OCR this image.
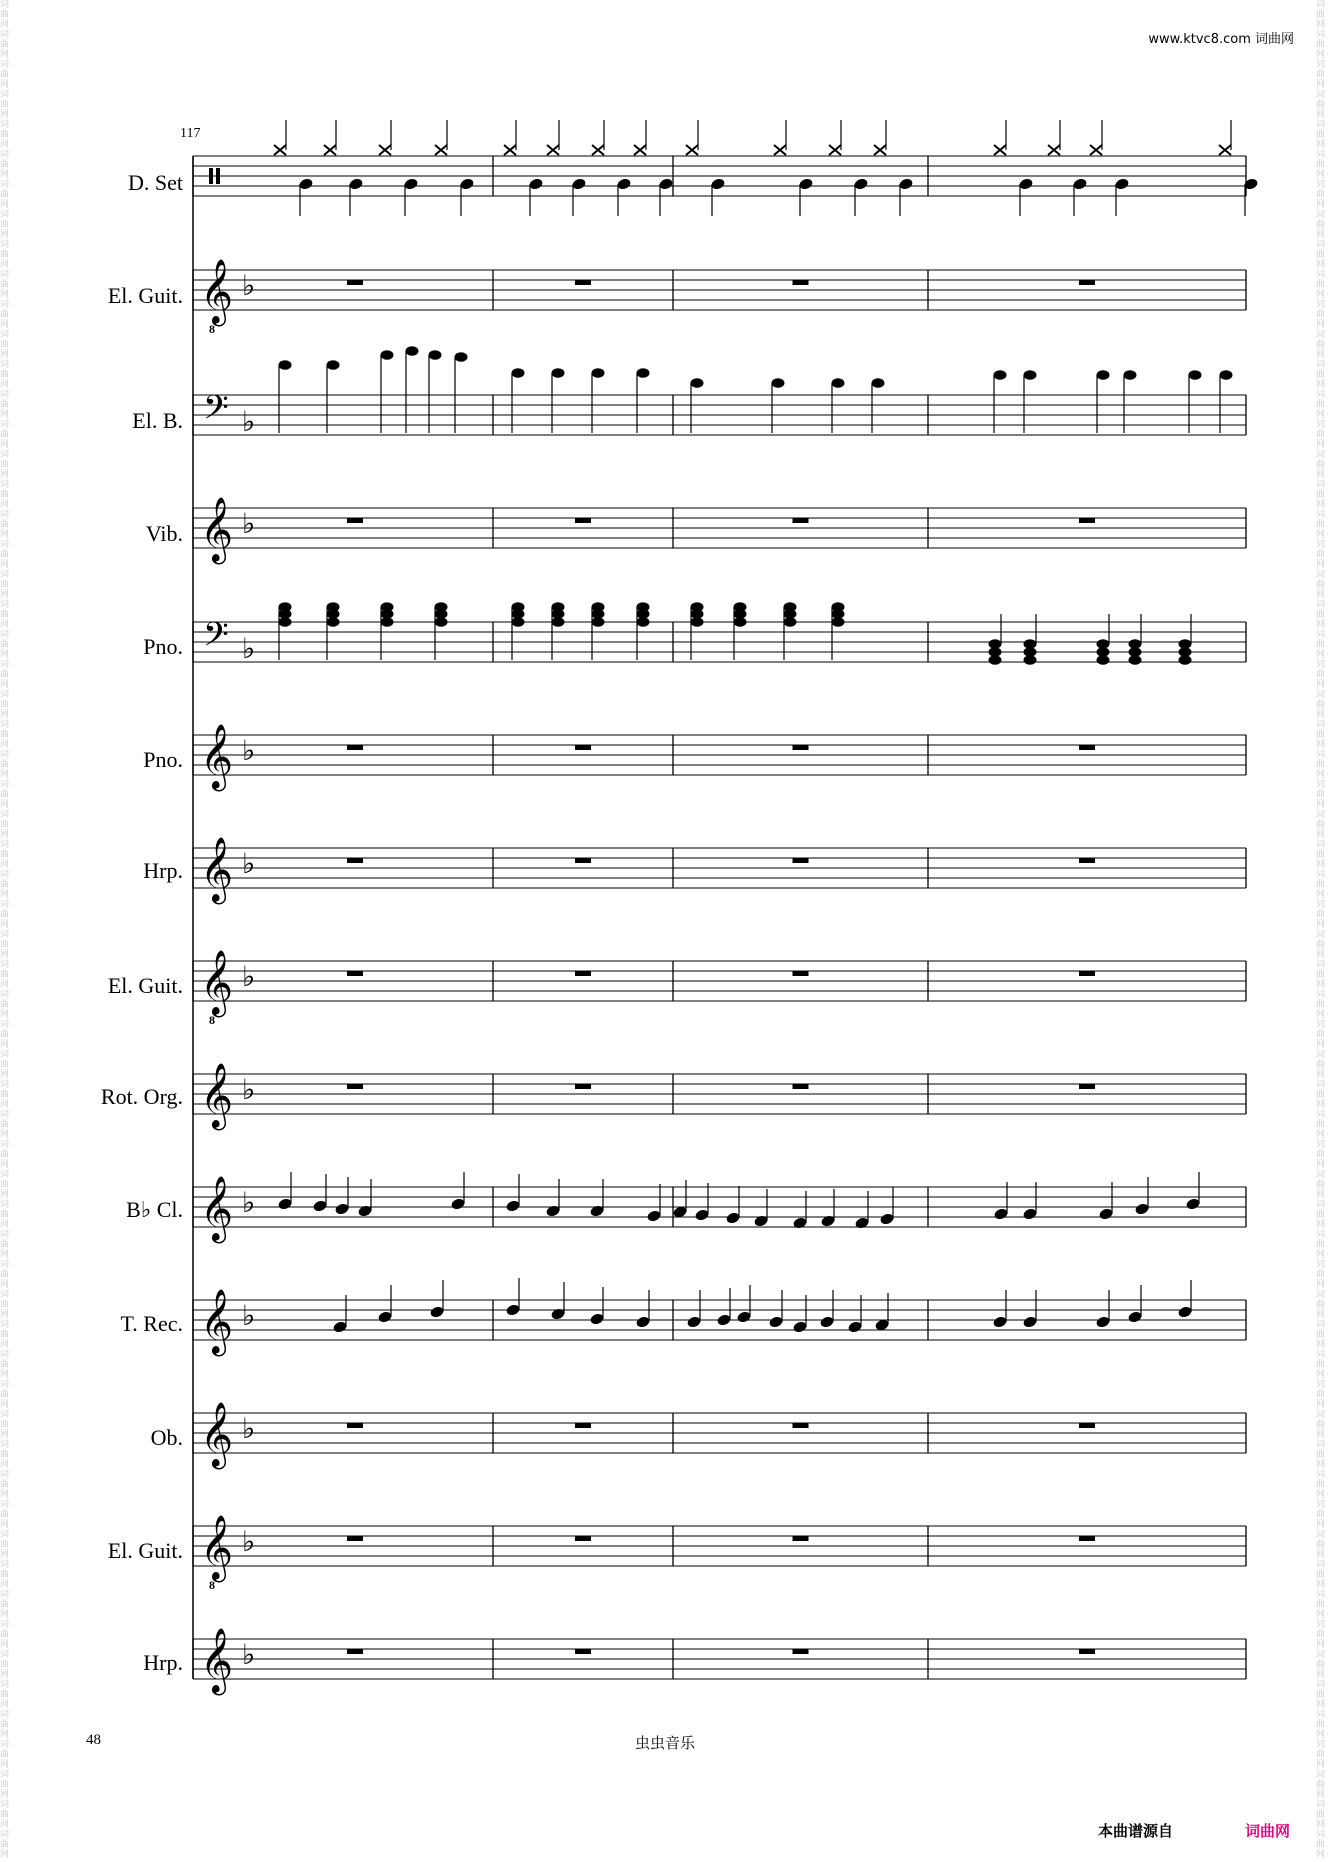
词曲网词曲网词曲网词曲网词曲网词曲网词曲网词曲网词曲网词曲网词曲网词曲网词曲网词曲网词曲网词曲网词曲网词曲网词曲网词曲网词曲网词曲网词曲网词曲网词曲网词曲网词曲网词曲网词曲网词曲网词曲网词曲网词曲网词曲网词曲网词曲网词曲网词曲网词曲网词曲网词曲网词曲网词曲网词曲网词曲网词曲网词曲网词曲网词曲网词曲网词曲网词曲网词曲网词曲网词曲网词曲网词曲网词曲网词曲网词曲网词曲网词曲网
词曲网词曲网词曲网词曲网词曲网词曲网词曲网词曲网词曲网词曲网词曲网词曲网词曲网词曲网词曲网词曲网词曲网词曲网词曲网词曲网词曲网词曲网词曲网词曲网词曲网词曲网词曲网词曲网词曲网词曲网词曲网词曲网词曲网词曲网词曲网词曲网词曲网词曲网词曲网词曲网词曲网词曲网词曲网词曲网词曲网词曲网词曲网词曲网词曲网词曲网词曲网词曲网词曲网词曲网词曲网词曲网词曲网词曲网词曲网词曲网词曲网词曲网
www.ktvc8.com 词曲网
117
D. Set
El. Guit.
El. B.
Vib.
Pno.
Pno.
Hrp.
El. Guit.
Rot. Org.
B♭ Cl.
T. Rec.
Ob.
El. Guit.
Hrp.
𝄞 ♭
8
𝄢 ♭
𝄞 ♭
𝄢 ♭
𝄞 ♭
𝄞 ♭
𝄞 ♭
8
𝄞 ♭
𝄞 ♭
𝄞 ♭
𝄞 ♭
𝄞 ♭
8
𝄞 ♭
48	虫虫音乐
本曲谱源自	词曲网
